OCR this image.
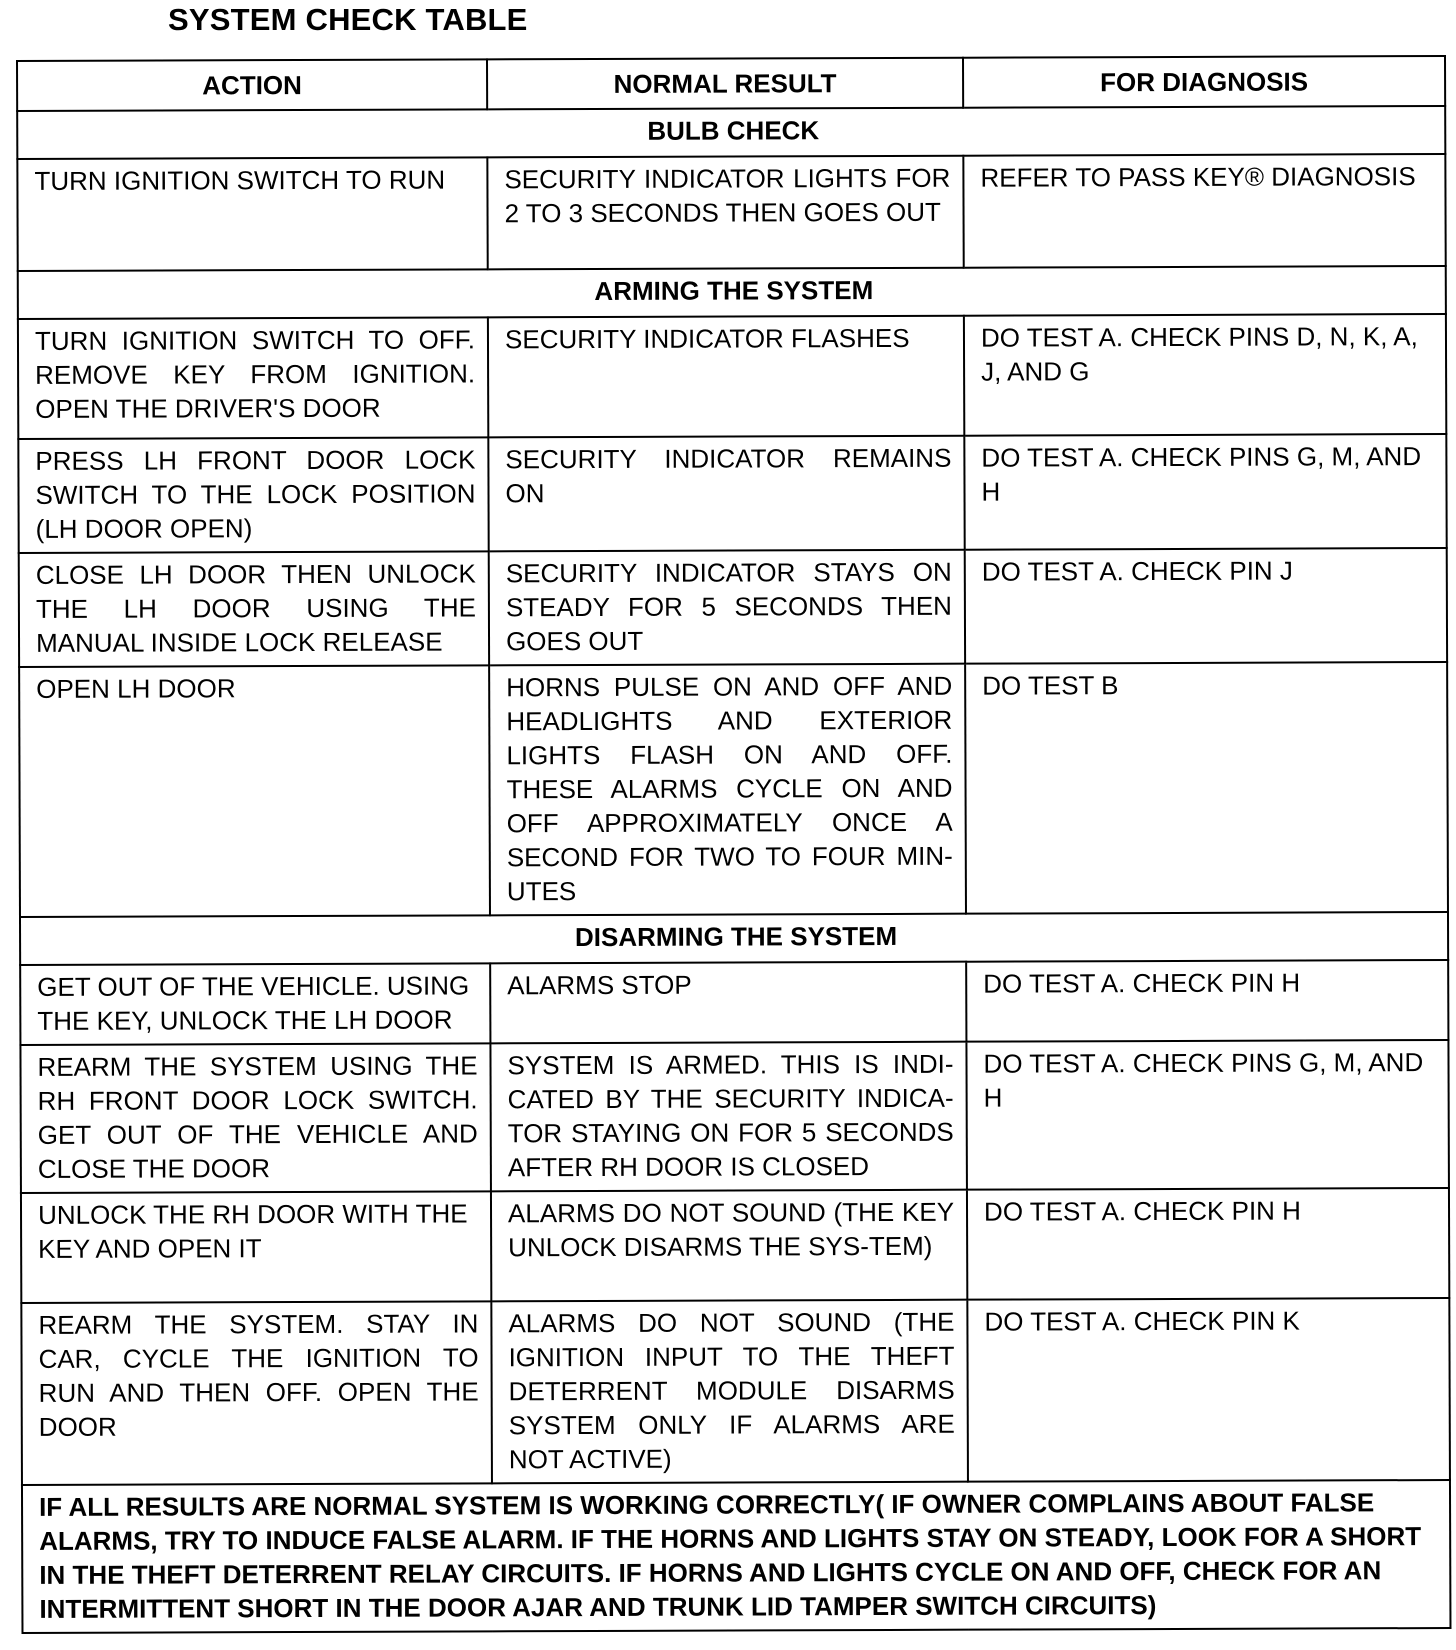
SYSTEM CHECK TABLE
ACTION	NORMAL RESULT	FOR DIAGNOSIS
BULB CHECK		
TURN IGNITION SWITCH TO RUN	SECURITY INDICATOR LIGHTS FOR 2 TO 3 SECONDS THEN GOES OUT	REFER TO PASS KEY® DIAGNOSIS
ARMING THE SYSTEM		
TURN IGNITION SWITCH TO OFF. REMOVE KEY FROM IGNITION. OPEN THE DRIVER'S DOOR	SECURITY INDICATOR FLASHES	DO TEST A. CHECK PINS D, N, K, A, J, AND G
PRESS LH FRONT DOOR LOCK SWITCH TO THE LOCK POSITION (LH DOOR OPEN)	SECURITY INDICATOR REMAINS ON	DO TEST A. CHECK PINS G, M, AND H
CLOSE LH DOOR THEN UNLOCK THE LH DOOR USING THE MANUAL INSIDE LOCK RELEASE	SECURITY INDICATOR STAYS ON STEADY FOR 5 SECONDS THEN GOES OUT	DO TEST A. CHECK PIN J
OPEN LH DOOR	HORNS PULSE ON AND OFF AND HEADLIGHTS AND EXTERIOR LIGHTS FLASH ON AND OFF. THESE ALARMS CYCLE ON AND OFF APPROXIMATELY ONCE A SECOND FOR TWO TO FOUR MIN-UTES	DO TEST B
DISARMING THE SYSTEM		
GET OUT OF THE VEHICLE. USING THE KEY, UNLOCK THE LH DOOR	ALARMS STOP	DO TEST A. CHECK PIN H
REARM THE SYSTEM USING THE RH FRONT DOOR LOCK SWITCH. GET OUT OF THE VEHICLE AND CLOSE THE DOOR	SYSTEM IS ARMED. THIS IS INDI-CATED BY THE SECURITY INDICA-TOR STAYING ON FOR 5 SECONDS AFTER RH DOOR IS CLOSED	DO TEST A. CHECK PINS G, M, AND H
UNLOCK THE RH DOOR WITH THE KEY AND OPEN IT	ALARMS DO NOT SOUND (THE KEY UNLOCK DISARMS THE SYS-TEM)	DO TEST A. CHECK PIN H
REARM THE SYSTEM. STAY IN CAR, CYCLE THE IGNITION TO RUN AND THEN OFF. OPEN THE DOOR	ALARMS DO NOT SOUND (THE IGNITION INPUT TO THE THEFT DETERRENT MODULE DISARMS SYSTEM ONLY IF ALARMS ARE NOT ACTIVE)	DO TEST A. CHECK PIN K
IF ALL RESULTS ARE NORMAL SYSTEM IS WORKING CORRECTLY( IF OWNER COMPLAINS ABOUT FALSE ALARMS, TRY TO INDUCE FALSE ALARM. IF THE HORNS AND LIGHTS STAY ON STEADY, LOOK FOR A SHORT IN THE THEFT DETERRENT RELAY CIRCUITS. IF HORNS AND LIGHTS CYCLE ON AND OFF, CHECK FOR AN INTERMITTENT SHORT IN THE DOOR AJAR AND TRUNK LID TAMPER SWITCH CIRCUITS)		
